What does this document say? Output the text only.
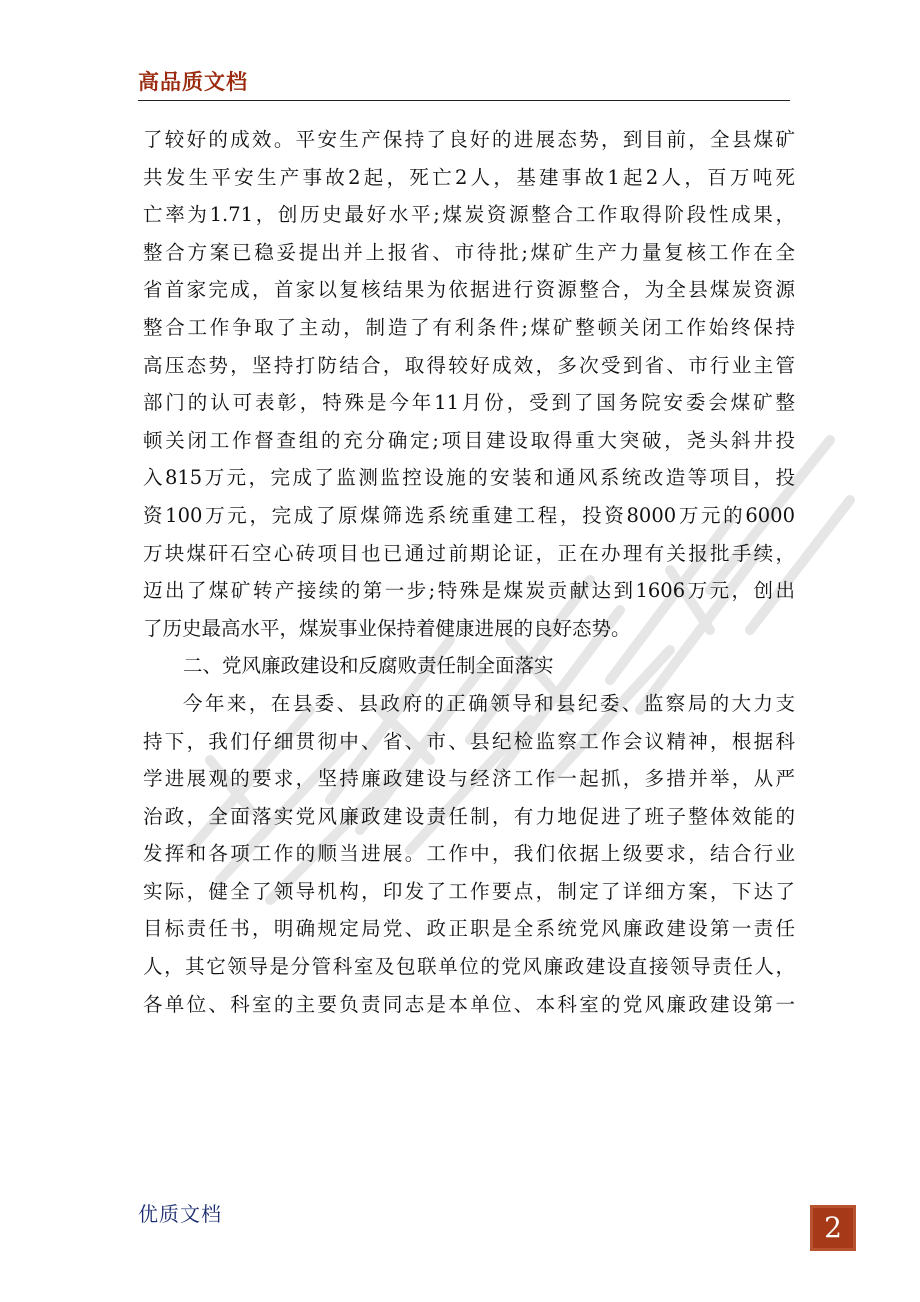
高品质文档
了较好的成效。平安生产保持了良好的进展态势，到目前，全县煤矿
共发生平安生产事故2起，死亡2人，基建事故1起2人，百万吨死
亡率为1.71，创历史最好水平;煤炭资源整合工作取得阶段性成果，
整合方案已稳妥提出并上报省、市待批;煤矿生产力量复核工作在全
省首家完成，首家以复核结果为依据进行资源整合，为全县煤炭资源
整合工作争取了主动，制造了有利条件;煤矿整顿关闭工作始终保持
高压态势，坚持打防结合，取得较好成效，多次受到省、市行业主管
部门的认可表彰，特殊是今年11月份，受到了国务院安委会煤矿整
顿关闭工作督查组的充分确定;项目建设取得重大突破，尧头斜井投
入815万元，完成了监测监控设施的安装和通风系统改造等项目，投
资100万元，完成了原煤筛选系统重建工程，投资8000万元的6000
万块煤矸石空心砖项目也已通过前期论证，正在办理有关报批手续，
迈出了煤矿转产接续的第一步;特殊是煤炭贡献达到1606万元，创出
了历史最高水平，煤炭事业保持着健康进展的良好态势。
二、党风廉政建设和反腐败责任制全面落实
今年来，在县委、县政府的正确领导和县纪委、监察局的大力支
持下，我们仔细贯彻中、省、市、县纪检监察工作会议精神，根据科
学进展观的要求，坚持廉政建设与经济工作一起抓，多措并举，从严
治政，全面落实党风廉政建设责任制，有力地促进了班子整体效能的
发挥和各项工作的顺当进展。工作中，我们依据上级要求，结合行业
实际，健全了领导机构，印发了工作要点，制定了详细方案，下达了
目标责任书，明确规定局党、政正职是全系统党风廉政建设第一责任
人，其它领导是分管科室及包联单位的党风廉政建设直接领导责任人，
各单位、科室的主要负责同志是本单位、本科室的党风廉政建设第一
优质文档	2
